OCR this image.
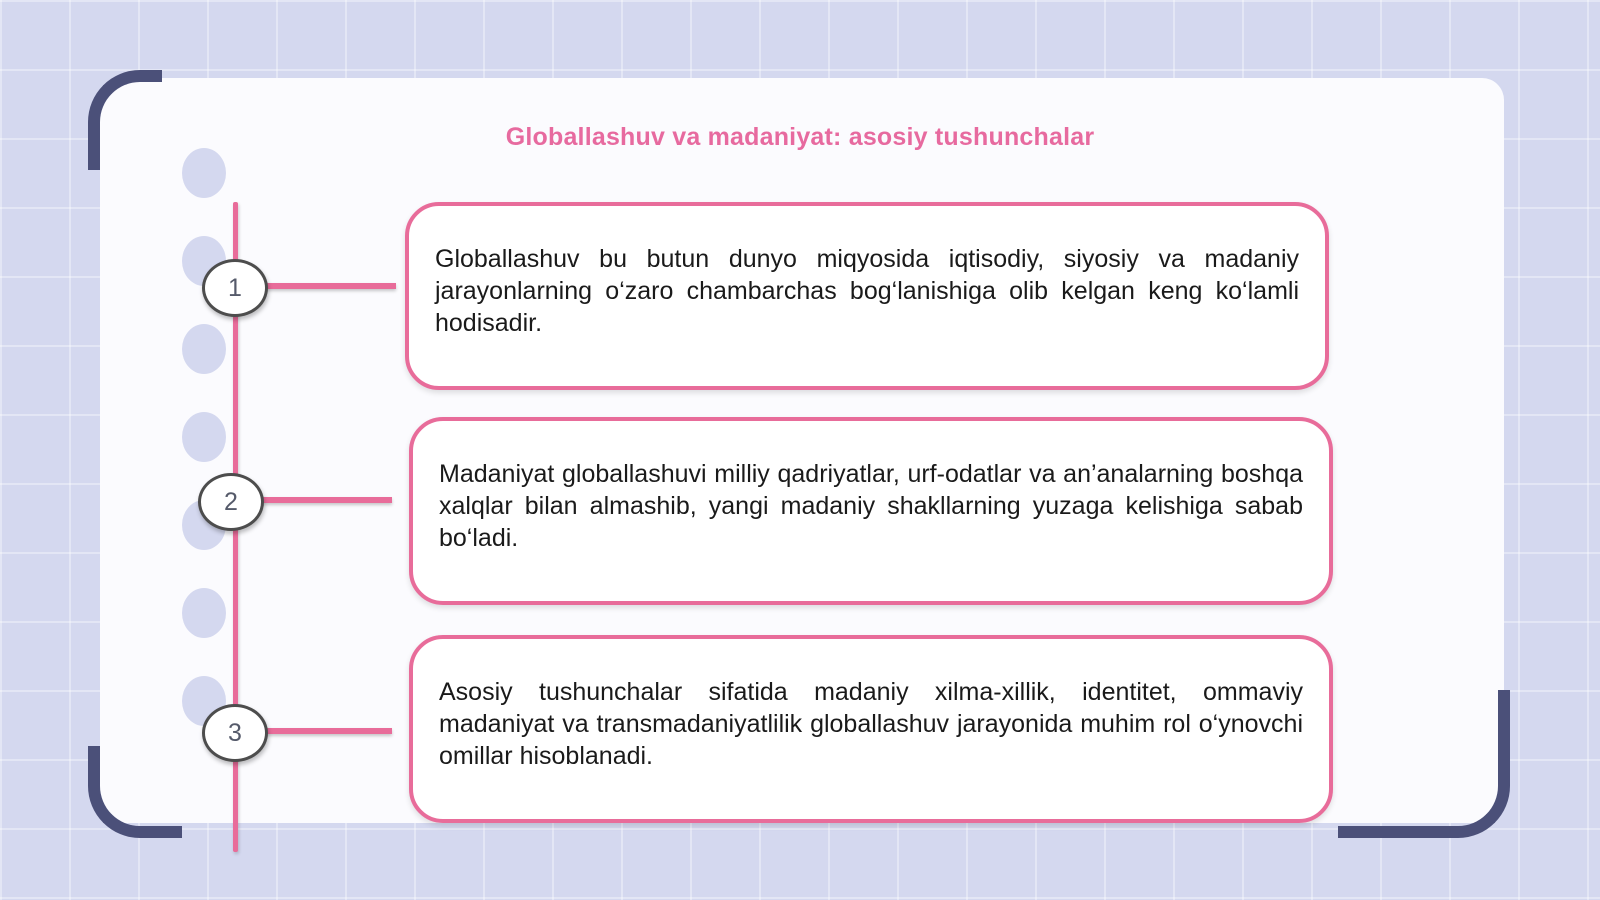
Globallashuv va madaniyat: asosiy tushunchalar
1

Globallashuv bu butun dunyo miqyosida iqtisodiy, siyosiy va madaniy jarayonlarning o‘zaro chambarchas bog‘lanishiga olib kelgan keng ko‘lamli hodisadir.

2

Madaniyat globallashuvi milliy qadriyatlar, urf-odatlar va an’analarning boshqa xalqlar bilan almashib, yangi madaniy shakllarning yuzaga kelishiga sabab bo‘ladi.

3

Asosiy tushunchalar sifatida madaniy xilma-xillik, identitet, ommaviy madaniyat va transmadaniyatlilik globallashuv jarayonida muhim rol o‘ynovchi omillar hisoblanadi.
